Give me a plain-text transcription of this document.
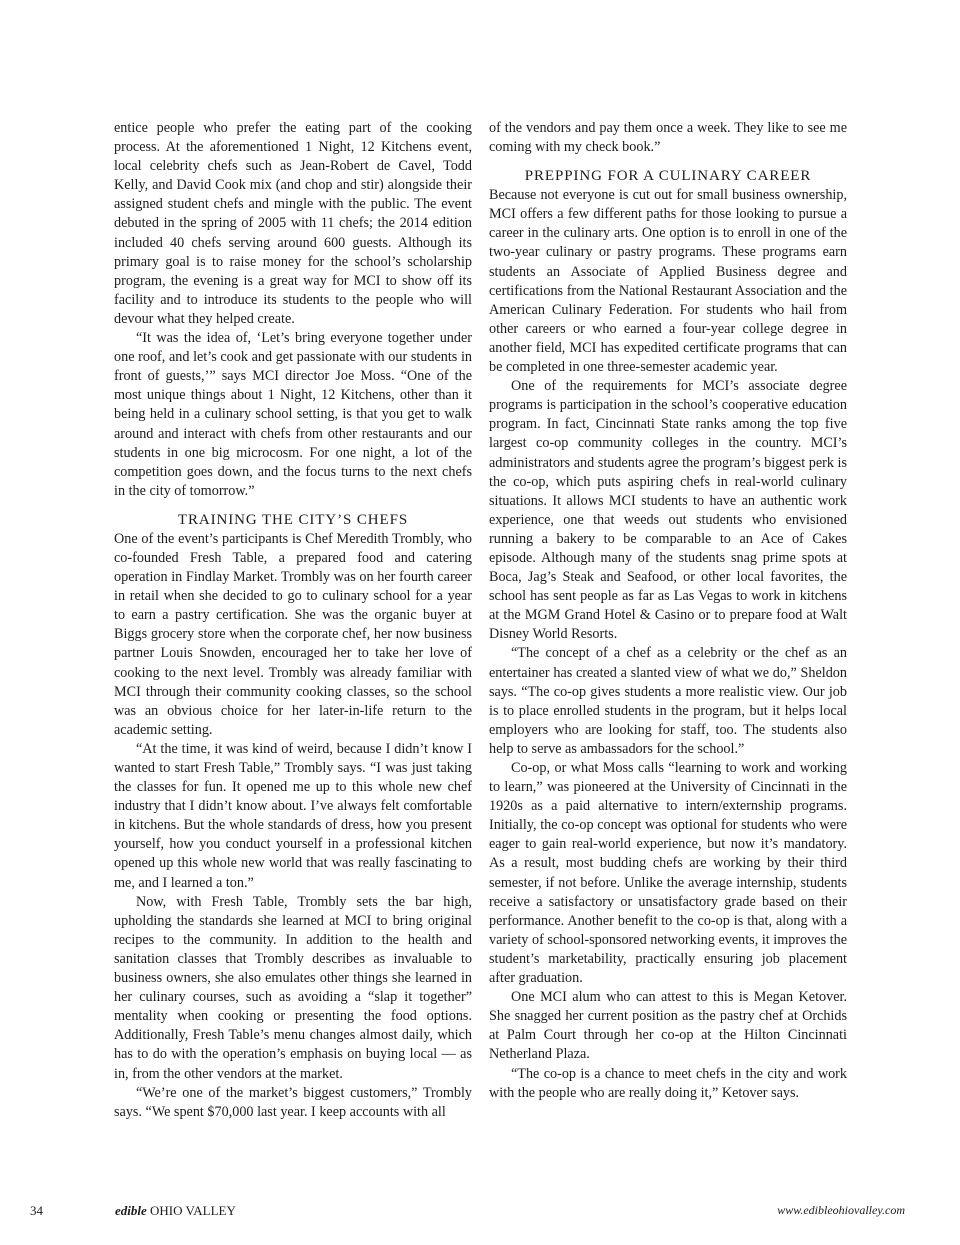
entice people who prefer the eating part of the cooking process. At the aforementioned 1 Night, 12 Kitchens event, local celebrity chefs such as Jean-Robert de Cavel, Todd Kelly, and David Cook mix (and chop and stir) alongside their assigned student chefs and mingle with the public. The event debuted in the spring of 2005 with 11 chefs; the 2014 edition included 40 chefs serving around 600 guests. Although its primary goal is to raise money for the school’s scholarship program, the evening is a great way for MCI to show off its facility and to introduce its students to the people who will devour what they helped create.

“It was the idea of, ‘Let’s bring everyone together under one roof, and let’s cook and get passionate with our students in front of guests,’” says MCI director Joe Moss. “One of the most unique things about 1 Night, 12 Kitchens, other than it being held in a culinary school setting, is that you get to walk around and interact with chefs from other restaurants and our students in one big microcosm. For one night, a lot of the competition goes down, and the focus turns to the next chefs in the city of tomorrow.”

TRAINING THE CITY’S CHEFS

One of the event’s participants is Chef Meredith Trombly, who co-founded Fresh Table, a prepared food and catering operation in Findlay Market. Trombly was on her fourth career in retail when she decided to go to culinary school for a year to earn a pastry certification. She was the organic buyer at Biggs grocery store when the corporate chef, her now business partner Louis Snowden, encouraged her to take her love of cooking to the next level. Trombly was already familiar with MCI through their community cooking classes, so the school was an obvious choice for her later-in-life return to the academic setting.

“At the time, it was kind of weird, because I didn’t know I wanted to start Fresh Table,” Trombly says. “I was just taking the classes for fun. It opened me up to this whole new chef industry that I didn’t know about. I’ve always felt comfortable in kitchens. But the whole standards of dress, how you present yourself, how you conduct yourself in a professional kitchen opened up this whole new world that was really fascinating to me, and I learned a ton.”

Now, with Fresh Table, Trombly sets the bar high, upholding the standards she learned at MCI to bring original recipes to the community. In addition to the health and sanitation classes that Trombly describes as invaluable to business owners, she also emulates other things she learned in her culinary courses, such as avoiding a “slap it together” mentality when cooking or presenting the food options. Additionally, Fresh Table’s menu changes almost daily, which has to do with the operation’s emphasis on buying local — as in, from the other vendors at the market.

“We’re one of the market’s biggest customers,” Trombly says. “We spent $70,000 last year. I keep accounts with all

of the vendors and pay them once a week. They like to see me coming with my check book.”

PREPPING FOR A CULINARY CAREER

Because not everyone is cut out for small business ownership, MCI offers a few different paths for those looking to pursue a career in the culinary arts. One option is to enroll in one of the two-year culinary or pastry programs. These programs earn students an Associate of Applied Business degree and certifications from the National Restaurant Association and the American Culinary Federation. For students who hail from other careers or who earned a four-year college degree in another field, MCI has expedited certificate programs that can be completed in one three-semester academic year.

One of the requirements for MCI’s associate degree programs is participation in the school’s cooperative education program. In fact, Cincinnati State ranks among the top five largest co-op community colleges in the country. MCI’s administrators and students agree the program’s biggest perk is the co-op, which puts aspiring chefs in real-world culinary situations. It allows MCI students to have an authentic work experience, one that weeds out students who envisioned running a bakery to be comparable to an Ace of Cakes episode. Although many of the students snag prime spots at Boca, Jag’s Steak and Seafood, or other local favorites, the school has sent people as far as Las Vegas to work in kitchens at the MGM Grand Hotel & Casino or to prepare food at Walt Disney World Resorts.

“The concept of a chef as a celebrity or the chef as an entertainer has created a slanted view of what we do,” Sheldon says. “The co-op gives students a more realistic view. Our job is to place enrolled students in the program, but it helps local employers who are looking for staff, too. The students also help to serve as ambassadors for the school.”

Co-op, or what Moss calls “learning to work and working to learn,” was pioneered at the University of Cincinnati in the 1920s as a paid alternative to intern/externship programs. Initially, the co-op concept was optional for students who were eager to gain real-world experience, but now it’s mandatory. As a result, most budding chefs are working by their third semester, if not before. Unlike the average internship, students receive a satisfactory or unsatisfactory grade based on their performance. Another benefit to the co-op is that, along with a variety of school-sponsored networking events, it improves the student’s marketability, practically ensuring job placement after graduation.

One MCI alum who can attest to this is Megan Ketover. She snagged her current position as the pastry chef at Orchids at Palm Court through her co-op at the Hilton Cincinnati Netherland Plaza.

“The co-op is a chance to meet chefs in the city and work with the people who are really doing it,” Ketover says.

34	edible OHIO VALLEY	www.edibleohiovalley.com
